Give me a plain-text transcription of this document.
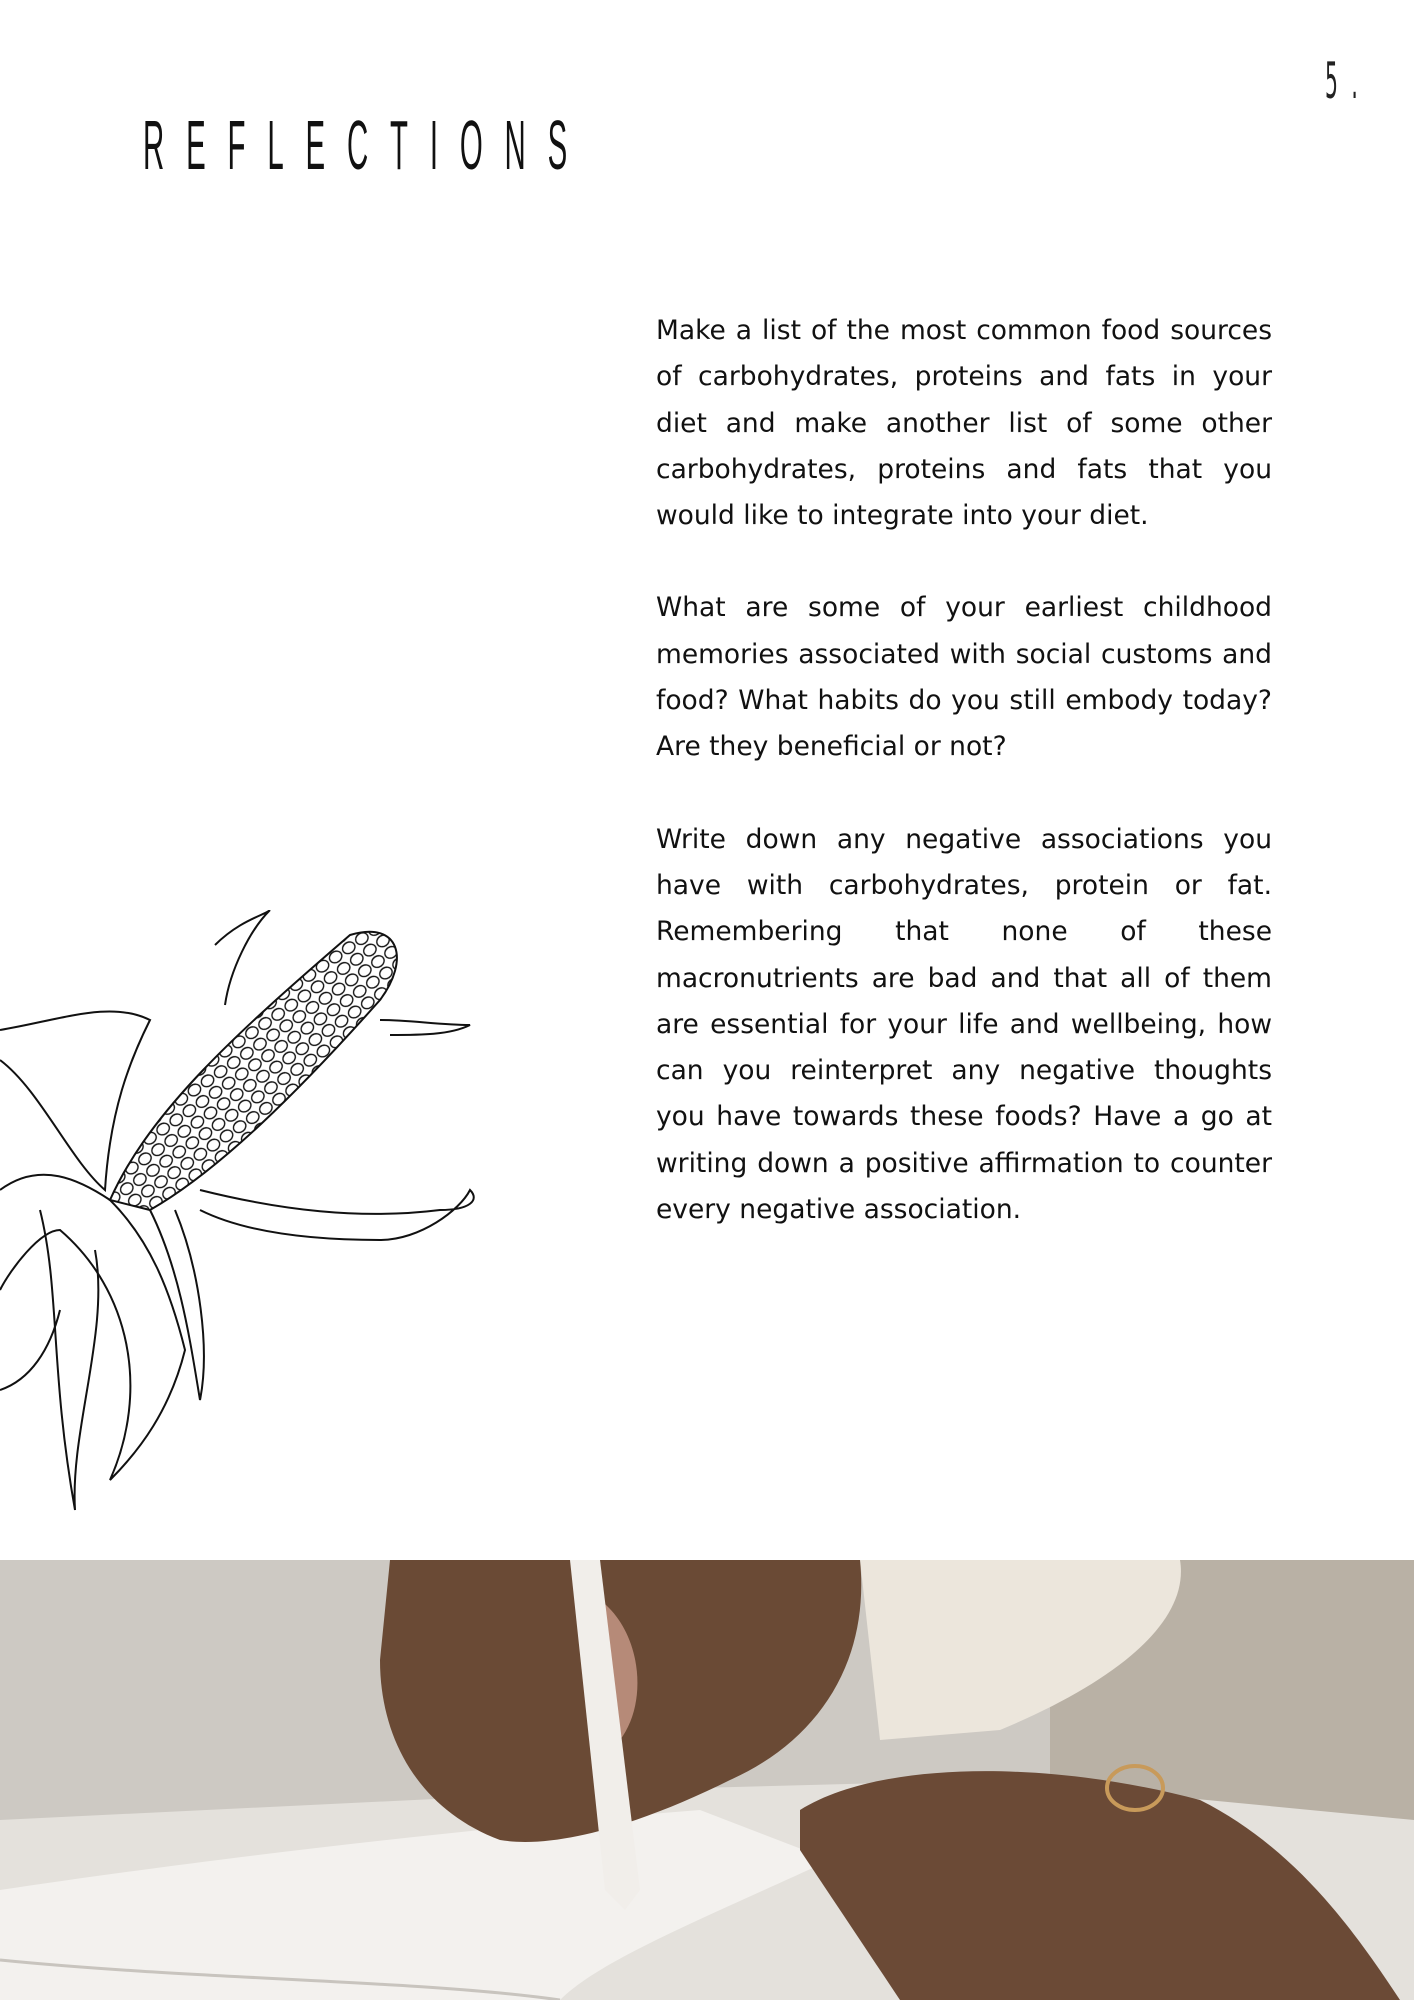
5.
REFLECTIONS

Make a list of the most common food sources of carbohydrates, proteins and fats in your diet and make another list of some other carbohydrates, proteins and fats that you would like to integrate into your diet.

What are some of your earliest childhood memories associated with social customs and food? What habits do you still embody today? Are they beneficial or not?

Write down any negative associations you have with carbohydrates, protein or fat. Remembering that none of these macronutrients are bad and that all of them are essential for your life and wellbeing, how can you reinterpret any negative thoughts you have towards these foods? Have a go at writing down a positive affirmation to counter every negative association.
